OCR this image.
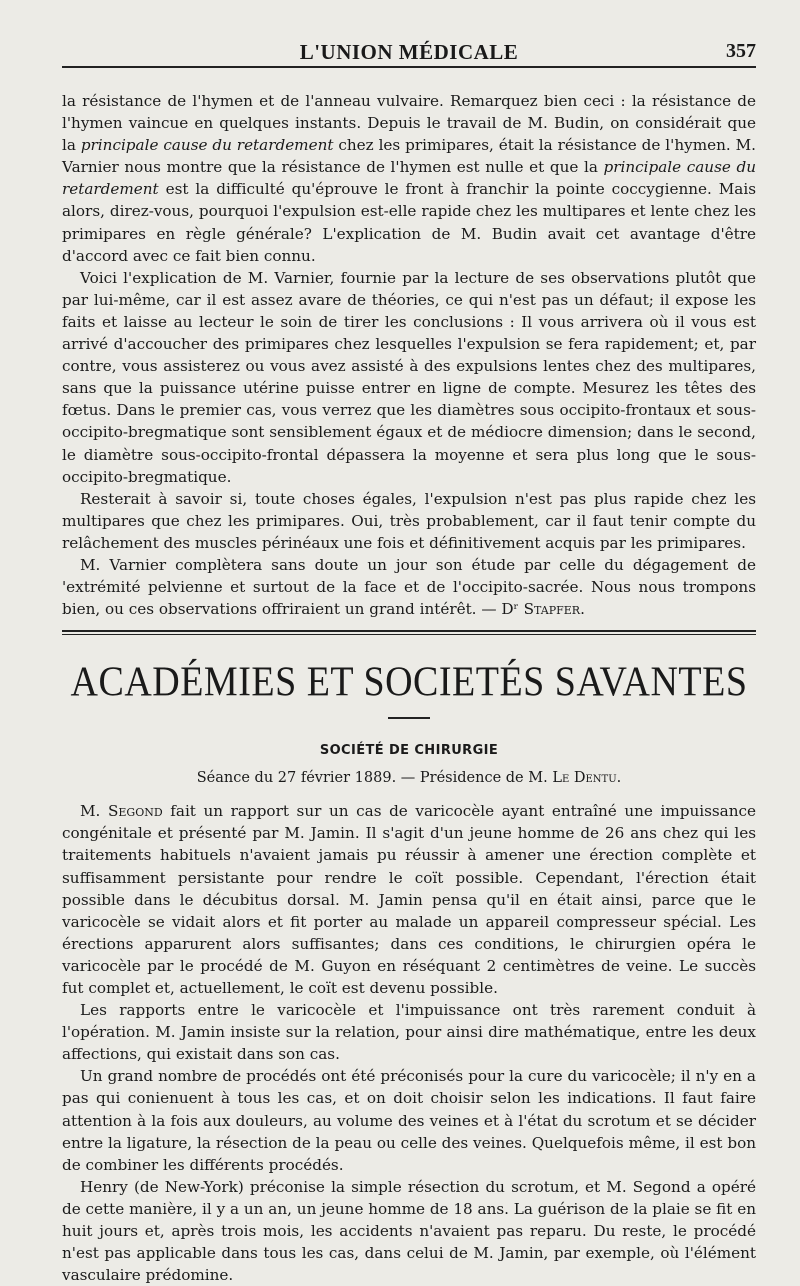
L'UNION MÉDICALE	357

la résistance de l'hymen et de l'anneau vulvaire. Remarquez bien ceci : la résistance de l'hymen vaincue en quelques instants. Depuis le travail de M. Budin, on considérait que la principale cause du retardement chez les primipares, était la résistance de l'hymen. M. Varnier nous montre que la résistance de l'hymen est nulle et que la principale cause du retardement est la difficulté qu'éprouve le front à franchir la pointe coccygienne. Mais alors, direz-vous, pourquoi l'expulsion est-elle rapide chez les multipares et lente chez les primipares en règle générale? L'explication de M. Budin avait cet avantage d'être d'accord avec ce fait bien connu.

Voici l'explication de M. Varnier, fournie par la lecture de ses observations plutôt que par lui-même, car il est assez avare de théories, ce qui n'est pas un défaut; il expose les faits et laisse au lecteur le soin de tirer les conclusions : Il vous arrivera où il vous est arrivé d'accoucher des primipares chez lesquelles l'expulsion se fera rapidement; et, par contre, vous assisterez ou vous avez assisté à des expulsions lentes chez des multipares, sans que la puissance utérine puisse entrer en ligne de compte. Mesurez les têtes des fœtus. Dans le premier cas, vous verrez que les diamètres sous occipito-frontaux et sous-occipito-bregmatique sont sensiblement égaux et de médiocre dimension; dans le second, le diamètre sous-occipito-frontal dépassera la moyenne et sera plus long que le sous-occipito-bregmatique.

Resterait à savoir si, toute choses égales, l'expulsion n'est pas plus rapide chez les multipares que chez les primipares. Oui, très probablement, car il faut tenir compte du relâchement des muscles périnéaux une fois et définitivement acquis par les primipares.

M. Varnier complètera sans doute un jour son étude par celle du dégagement de 'extrémité pelvienne et surtout de la face et de l'occipito-sacrée. Nous nous trompons bien, ou ces observations offriraient un grand intérêt. — Dʳ Stapfer.

ACADÉMIES ET SOCIETÉS SAVANTES
SOCIÉTÉ DE CHIRURGIE
Séance du 27 février 1889. — Présidence de M. Le Dentu.

M. Segond fait un rapport sur un cas de varicocèle ayant entraîné une impuissance congénitale et présenté par M. Jamin. Il s'agit d'un jeune homme de 26 ans chez qui les traitements habituels n'avaient jamais pu réussir à amener une érection complète et suffisamment persistante pour rendre le coït possible. Cependant, l'érection était possible dans le décubitus dorsal. M. Jamin pensa qu'il en était ainsi, parce que le varicocèle se vidait alors et fit porter au malade un appareil compresseur spécial. Les érections apparurent alors suffisantes; dans ces conditions, le chirurgien opéra le varicocèle par le procédé de M. Guyon en réséquant 2 centimètres de veine. Le succès fut complet et, actuellement, le coït est devenu possible.

Les rapports entre le varicocèle et l'impuissance ont très rarement conduit à l'opération. M. Jamin insiste sur la relation, pour ainsi dire mathématique, entre les deux affections, qui existait dans son cas.

Un grand nombre de procédés ont été préconisés pour la cure du varicocèle; il n'y en a pas qui conienuent à tous les cas, et on doit choisir selon les indications. Il faut faire attention à la fois aux douleurs, au volume des veines et à l'état du scrotum et se décider entre la ligature, la résection de la peau ou celle des veines. Quelquefois même, il est bon de combiner les différents procédés.

Henry (de New-York) préconise la simple résection du scrotum, et M. Segond a opéré de cette manière, il y a un an, un jeune homme de 18 ans. La guérison de la plaie se fit en huit jours et, après trois mois, les accidents n'avaient pas reparu. Du reste, le procédé n'est pas applicable dans tous les cas, dans celui de M. Jamin, par exemple, où l'élément vasculaire prédomine.
